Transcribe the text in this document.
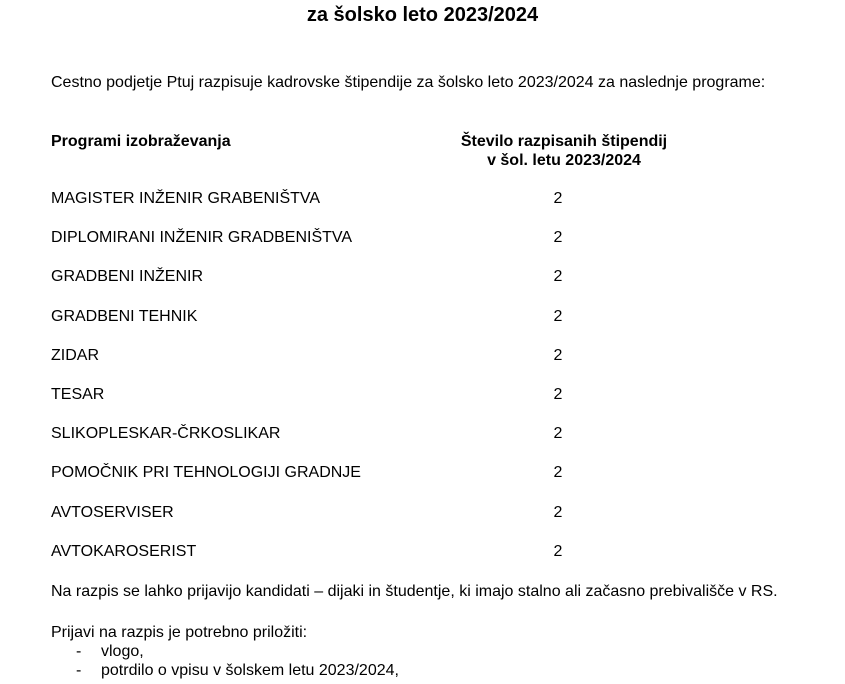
za šolsko leto 2023/2024

Cestno podjetje Ptuj razpisuje kadrovske štipendije za šolsko leto 2023/2024 za naslednje programe:

Programi izobraževanja	Število razpisanih štipendij
v šol. letu 2023/2024
MAGISTER INŽENIR GRABENIŠTVA	2
DIPLOMIRANI INŽENIR GRADBENIŠTVA	2
GRADBENI INŽENIR	2
GRADBENI TEHNIK	2
ZIDAR	2
TESAR	2
SLIKOPLESKAR-ČRKOSLIKAR	2
POMOČNIK PRI TEHNOLOGIJI GRADNJE	2
AVTOSERVISER	2
AVTOKAROSERIST	2

Na razpis se lahko prijavijo kandidati – dijaki in študentje, ki imajo stalno ali začasno prebivališče v RS.

Prijavi na razpis je potrebno priložiti:

- vlogo,
- potrdilo o vpisu v šolskem letu 2023/2024,
